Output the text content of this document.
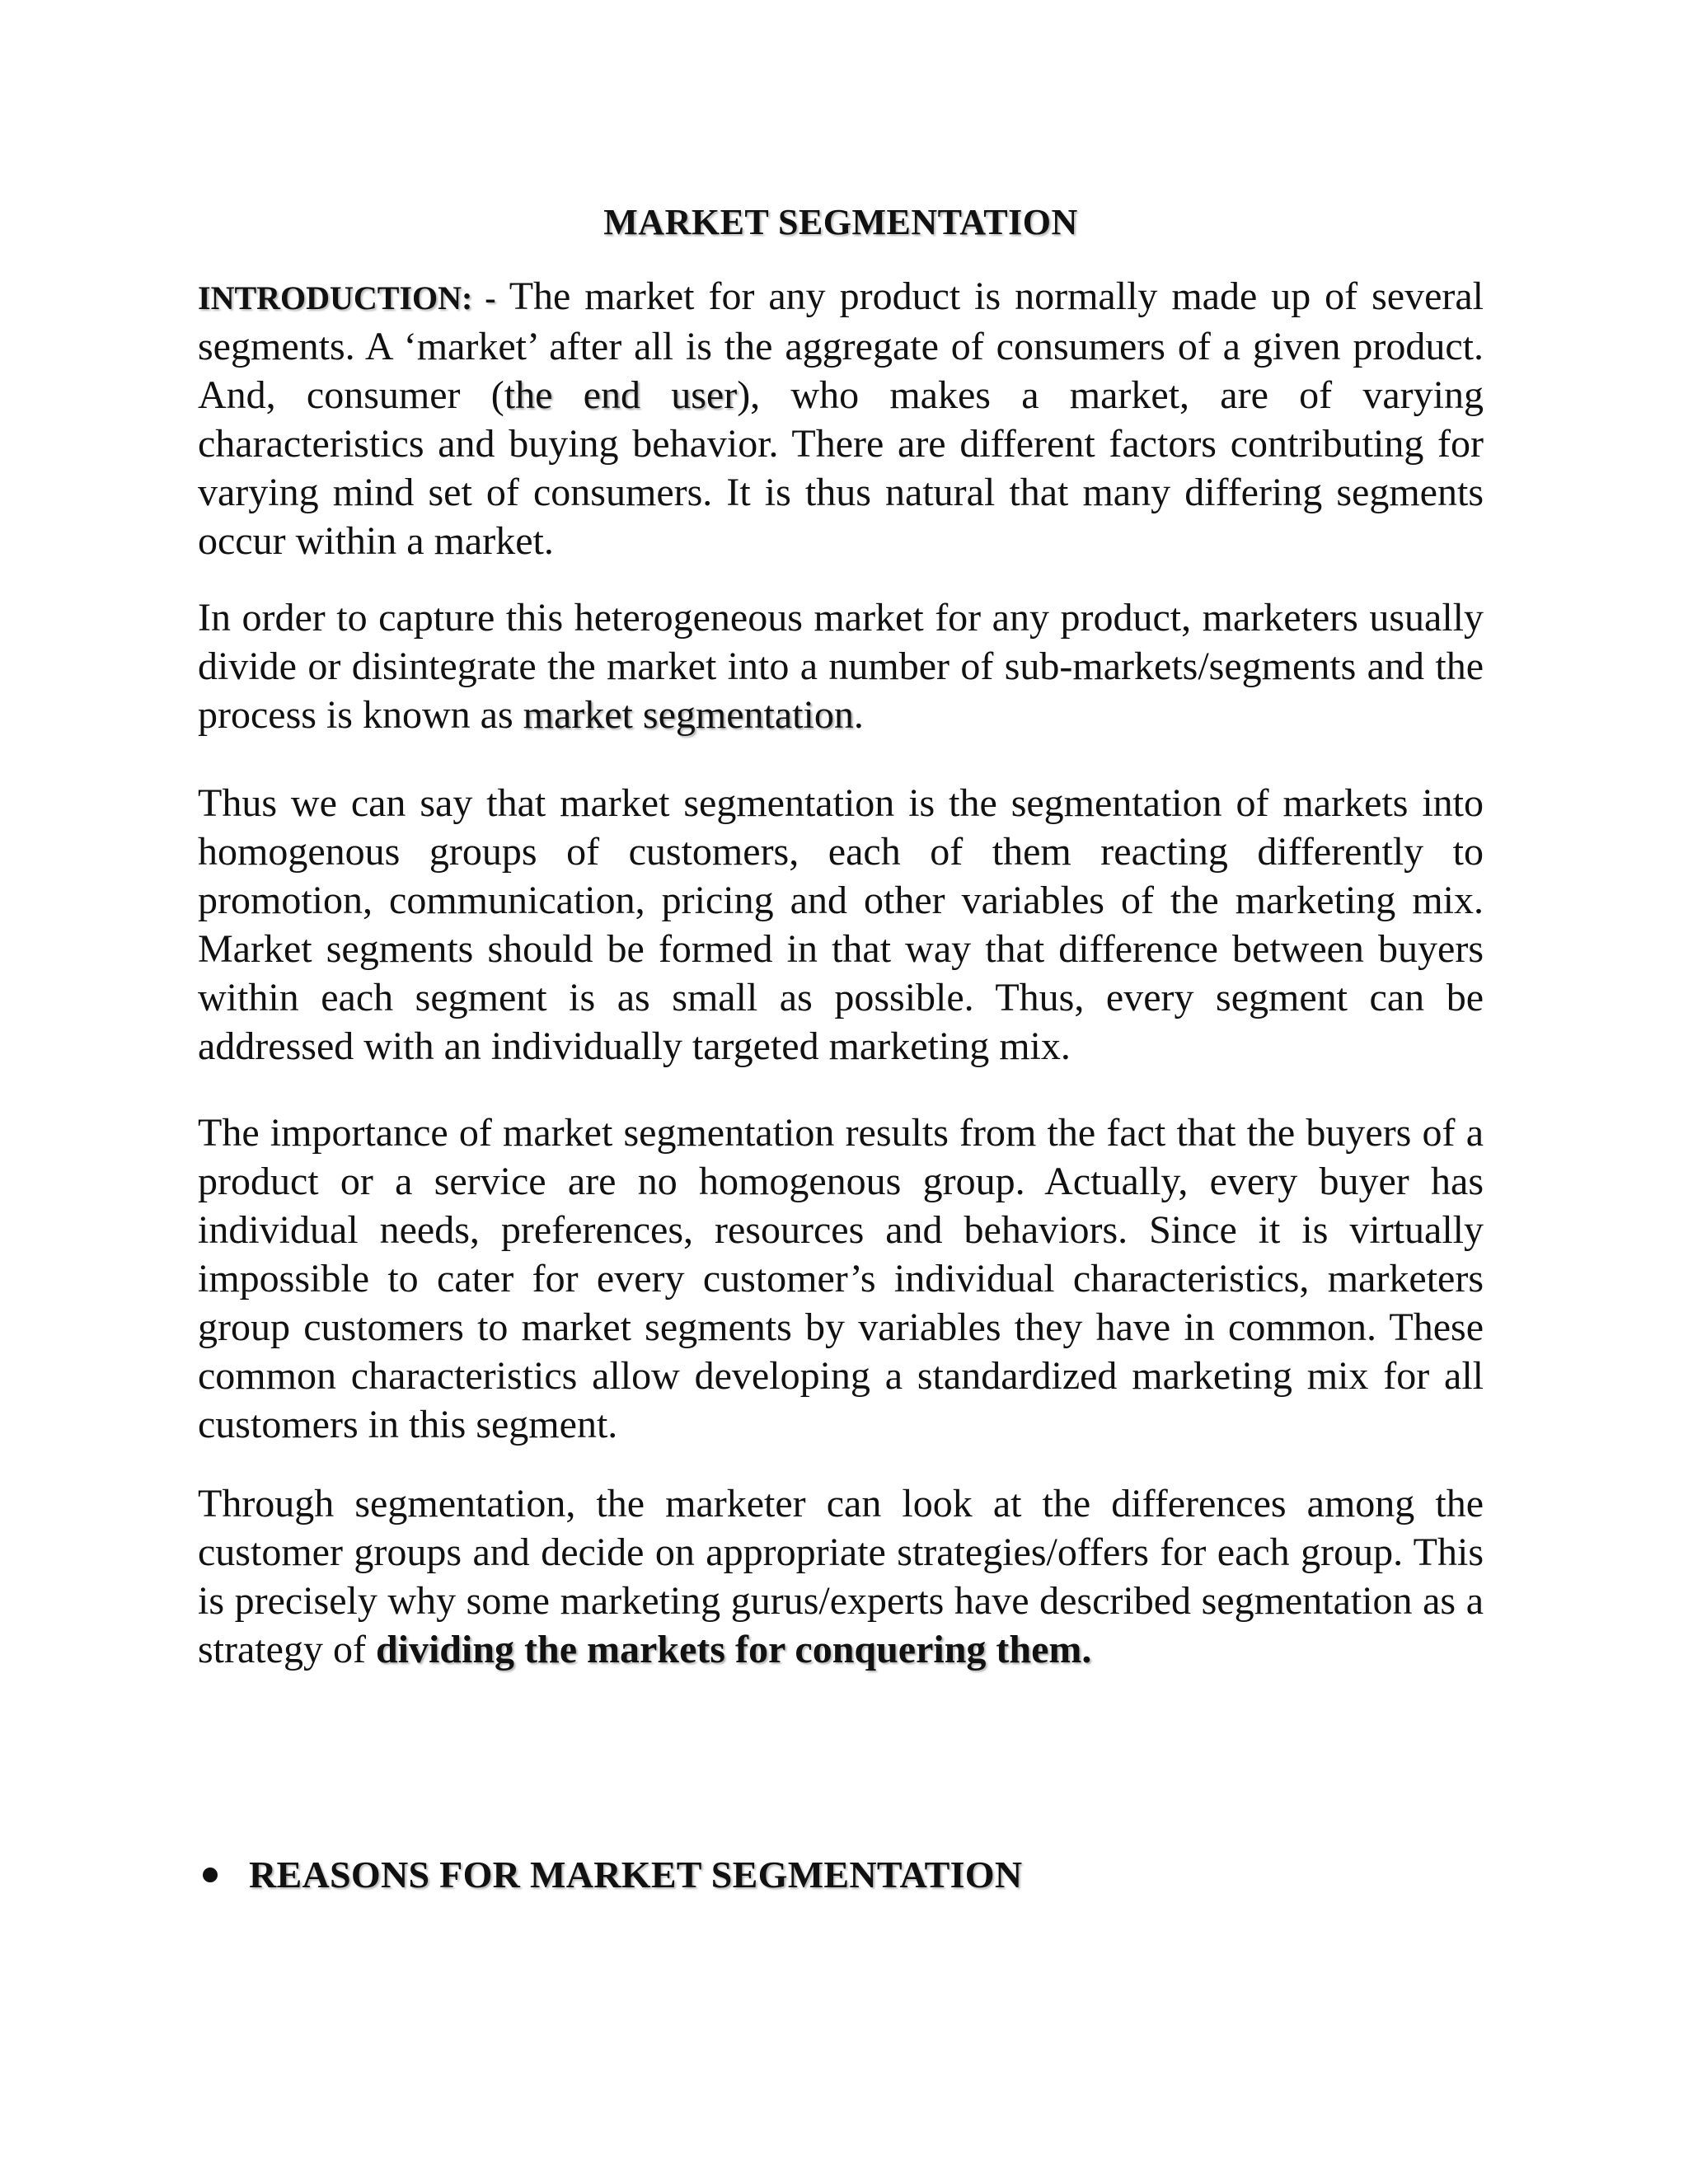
MARKET SEGMENTATION

INTRODUCTION: - The market for any product is normally made up of several segments. A ‘market’ after all is the aggregate of consumers of a given product. And, consumer (the end user), who makes a market, are of varying characteristics and buying behavior. There are different factors contributing for varying mind set of consumers. It is thus natural that many differing segments occur within a market.

In order to capture this heterogeneous market for any product, marketers usually divide or disintegrate the market into a number of sub-markets/segments and the process is known as market segmentation.

Thus we can say that market segmentation is the segmentation of markets into homogenous groups of customers, each of them reacting differently to promotion, communication, pricing and other variables of the marketing mix. Market segments should be formed in that way that difference between buyers within each segment is as small as possible. Thus, every segment can be addressed with an individually targeted marketing mix.

The importance of market segmentation results from the fact that the buyers of a product or a service are no homogenous group. Actually, every buyer has individual needs, preferences, resources and behaviors. Since it is virtually impossible to cater for every customer’s individual characteristics, marketers group customers to market segments by variables they have in common. These common characteristics allow developing a standardized marketing mix for all customers in this segment.

Through segmentation, the marketer can look at the differences among the customer groups and decide on appropriate strategies/offers for each group. This is precisely why some marketing gurus/experts have described segmentation as a strategy of dividing the markets for conquering them.

REASONS FOR MARKET SEGMENTATION
